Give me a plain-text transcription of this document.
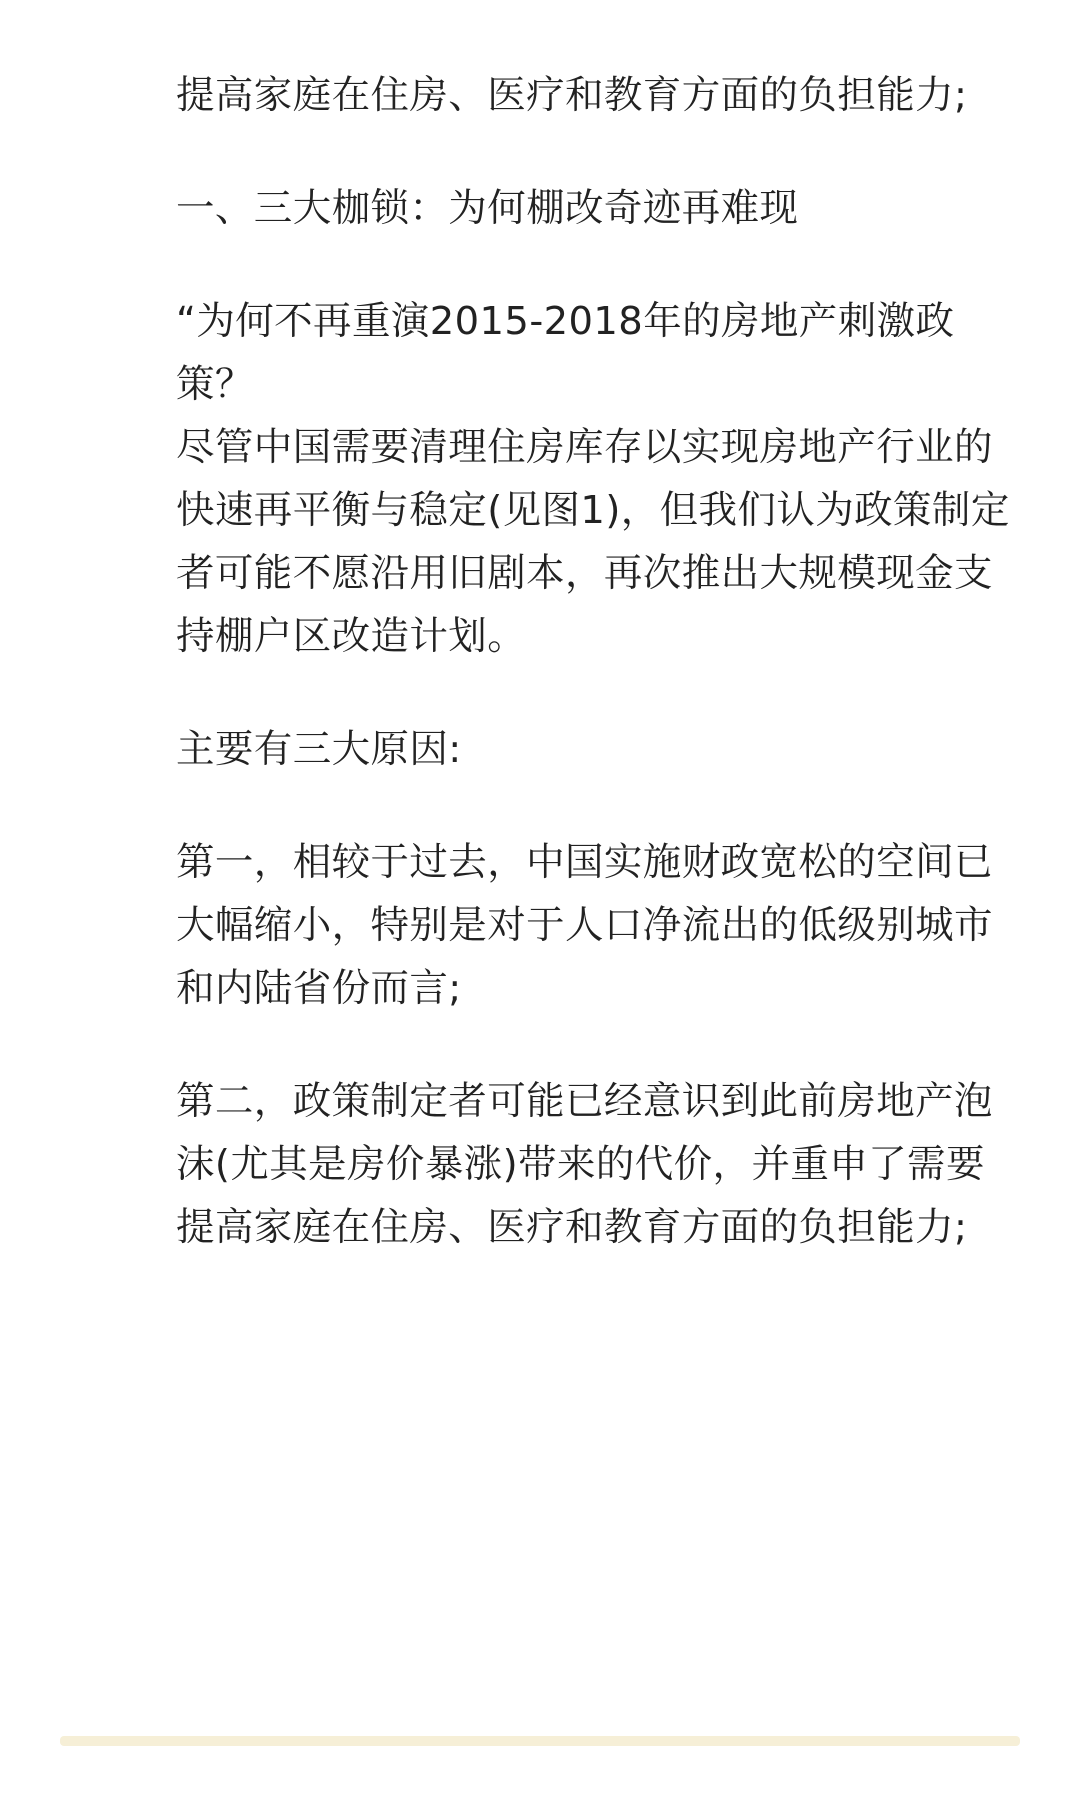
提高家庭在住房、医疗和教育方面的负担能力;

一、三大枷锁：为何棚改奇迹再难现

“为何不再重演2015-2018年的房地产刺激政策？
尽管中国需要清理住房库存以实现房地产行业的
快速再平衡与稳定(见图1)，但我们认为政策制定
者可能不愿沿用旧剧本，再次推出大规模现金支
持棚户区改造计划。

主要有三大原因:

第一，相较于过去，中国实施财政宽松的空间已
大幅缩小，特别是对于人口净流出的低级别城市
和内陆省份而言;

第二，政策制定者可能已经意识到此前房地产泡
沫(尤其是房价暴涨)带来的代价，并重申了需要
提高家庭在住房、医疗和教育方面的负担能力;
